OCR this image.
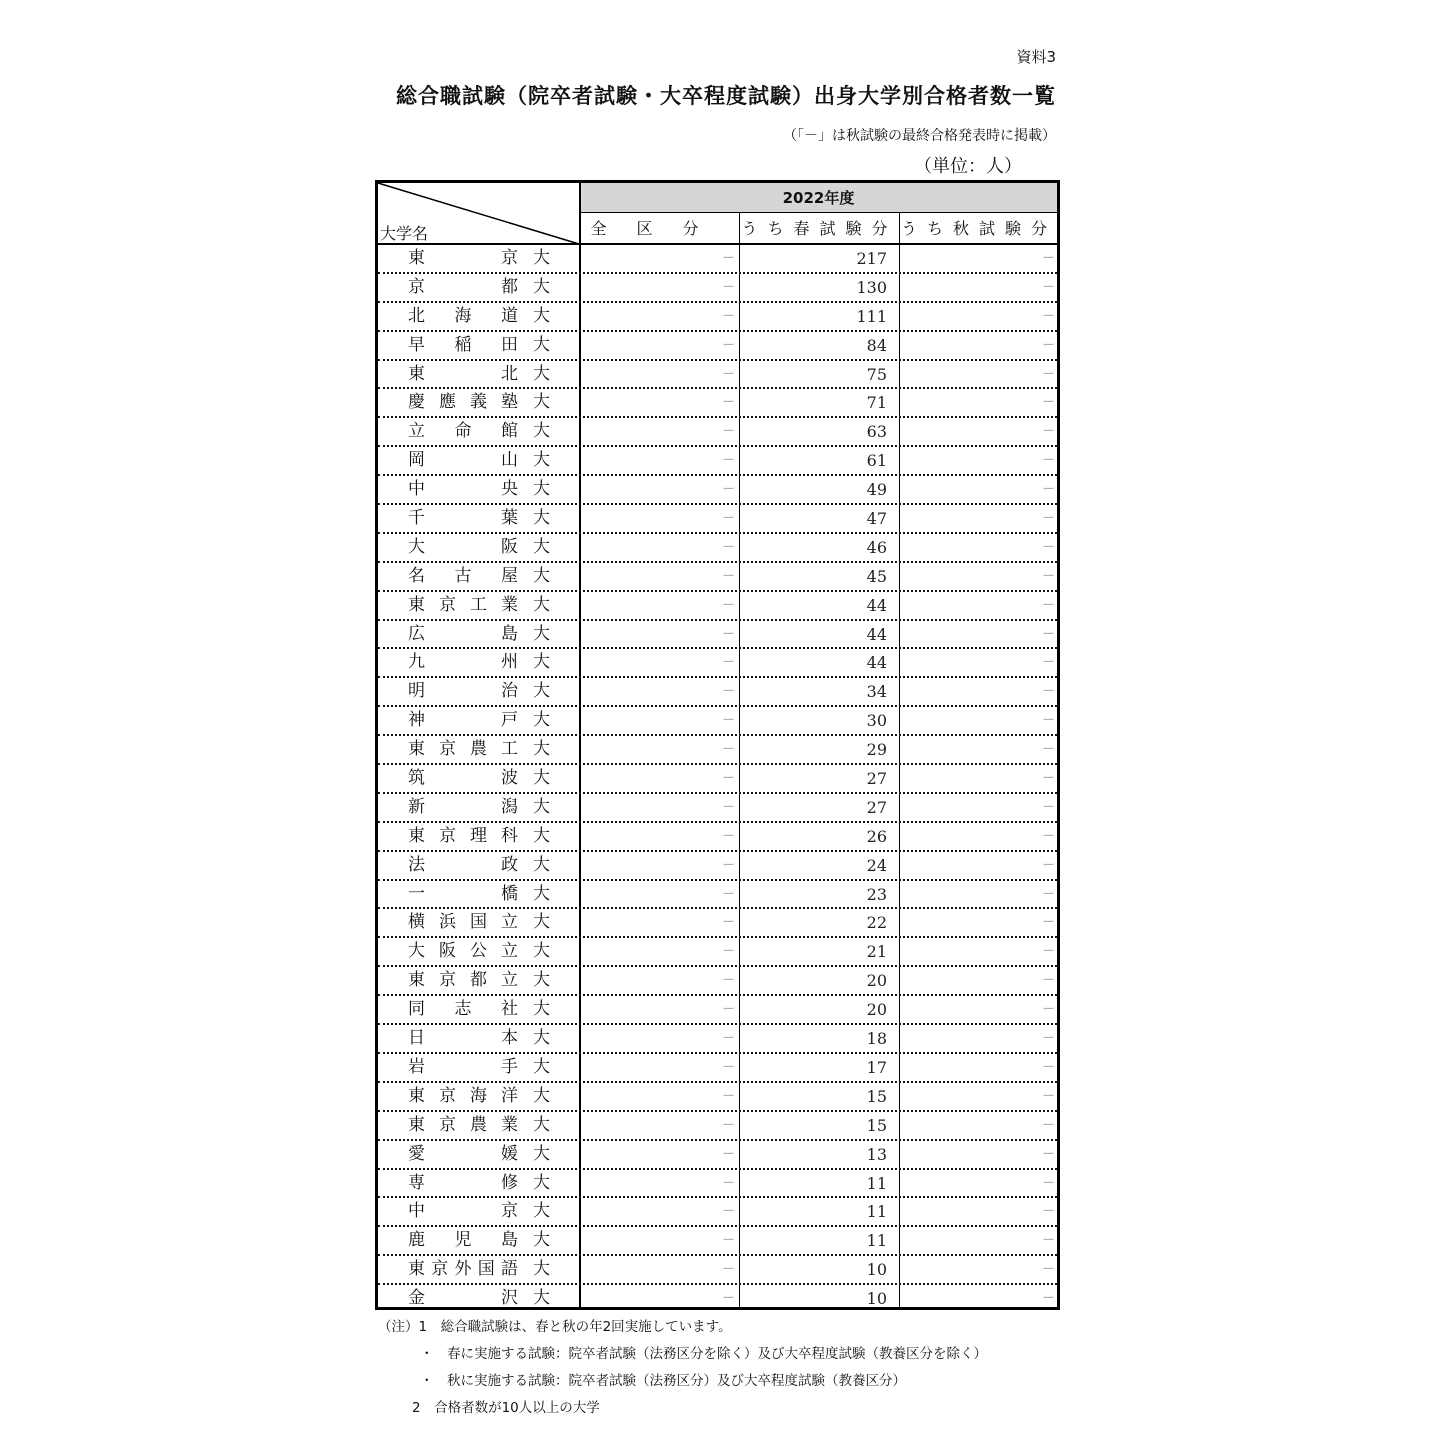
資料3
総合職試験（院卒者試験・大卒程度試験）出身大学別合格者数一覧
（「－」は秋試験の最終合格発表時に掲載）
（単位：人）
2022年度
全区分 うち春試験分 うち秋試験分
大学名
東	京 大	－	217	－
京	都 大	－	130	－
北 海 道 大	－	111	－
早 稲 田 大	－	84	－
東	北 大	－	75	－
慶 應 義 塾 大	－	71	－
立 命 館 大	－	63	－
岡	山 大	－	61	－
中	央 大	－	49	－
千	葉 大	－	47	－
大	阪 大	－	46	－
名 古 屋 大	－	45	－
東 京 工 業 大	－	44	－
広	島 大	－	44	－
九	州 大	－	44	－
明	治 大	－	34	－
神	戸 大	－	30	－
東 京 農 工 大	－	29	－
筑	波 大	－	27	－
新	潟 大	－	27	－
東 京 理 科 大	－	26	－
法	政 大	－	24	－
一	橋 大	－	23	－
横 浜 国 立 大	－	22	－
大 阪 公 立 大	－	21	－
東 京 都 立 大	－	20	－
同 志 社 大	－	20	－
日	本 大	－	18	－
岩	手 大	－	17	－
東 京 海 洋 大	－	15	－
東 京 農 業 大	－	15	－
愛	媛 大	－	13	－
専	修 大	－	11	－
中	京 大	－	11	－
鹿 児 島 大	－	11	－
東 京 外 国 語 大	－	10	－
金	沢 大	－	10	－
（注）1　総合職試験は、春と秋の年2回実施しています。
・　春に実施する試験：院卒者試験（法務区分を除く）及び大卒程度試験（教養区分を除く）
・　秋に実施する試験：院卒者試験（法務区分）及び大卒程度試験（教養区分）
2　合格者数が10人以上の大学
